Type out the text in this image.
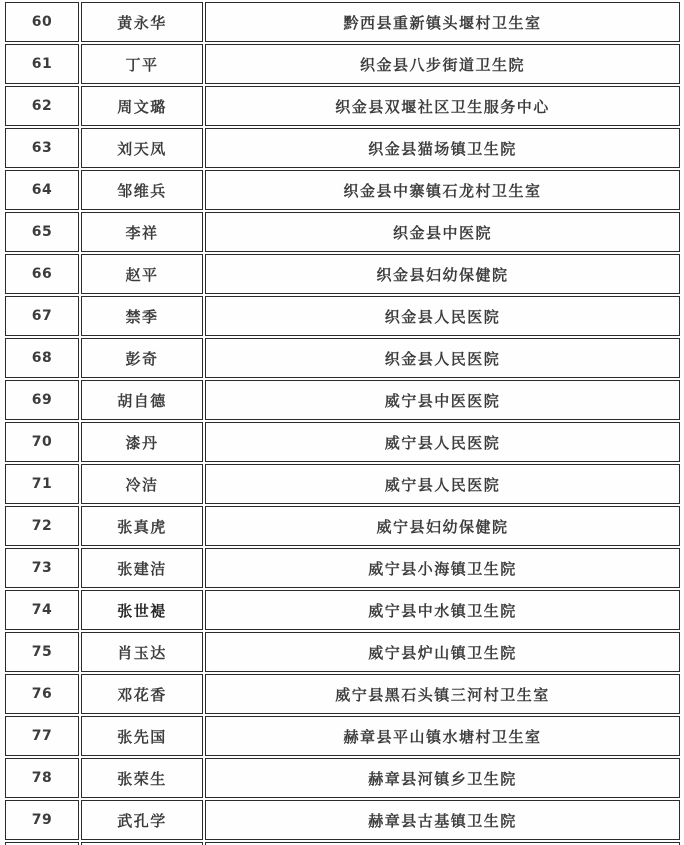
60	黄永华	黔西县重新镇头堰村卫生室
61	丁平	织金县八步街道卫生院
62	周文璐	织金县双堰社区卫生服务中心
63	刘天凤	织金县猫场镇卫生院
64	邹维兵	织金县中寨镇石龙村卫生室
65	李祥	织金县中医院
66	赵平	织金县妇幼保健院
67	禁季	织金县人民医院
68	彭奇	织金县人民医院
69	胡自德	威宁县中医医院
70	漆丹	威宁县人民医院
71	冷洁	威宁县人民医院
72	张真虎	威宁县妇幼保健院
73	张建洁	威宁县小海镇卫生院
74	张世褆	威宁县中水镇卫生院
75	肖玉达	威宁县炉山镇卫生院
76	邓花香	威宁县黑石头镇三河村卫生室
77	张先国	赫章县平山镇水塘村卫生室
78	张荣生	赫章县河镇乡卫生院
79	武孔学	赫章县古基镇卫生院
